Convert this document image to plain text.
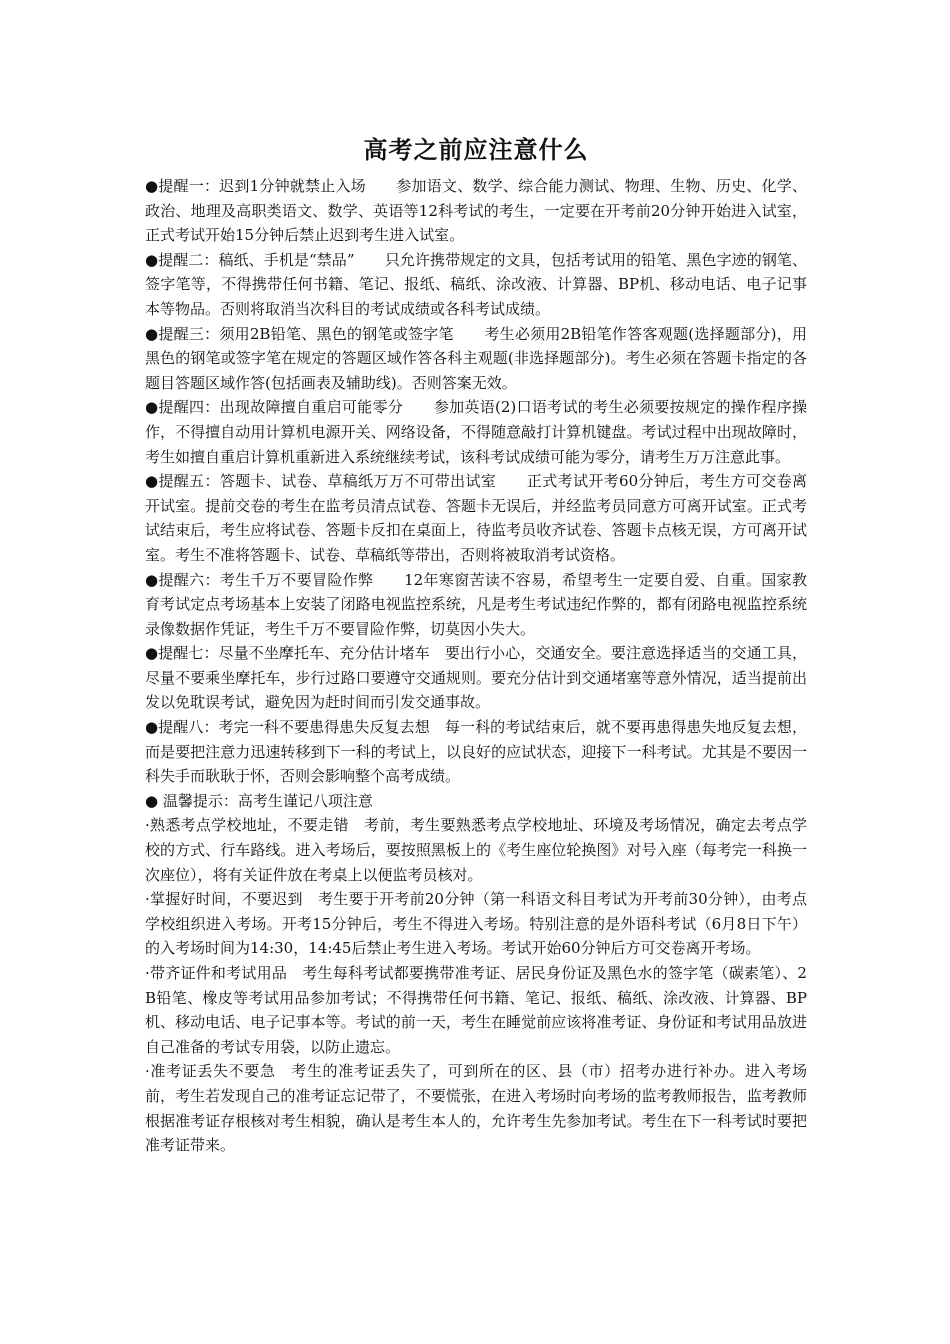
高考之前应注意什么

●提醒一：迟到1分钟就禁止入场　　参加语文、数学、综合能力测试、物理、生物、历史、化学、政治、地理及高职类语文、数学、英语等12科考试的考生，一定要在开考前20分钟开始进入试室，正式考试开始15分钟后禁止迟到考生进入试室。

●提醒二：稿纸、手机是“禁品”　　只允许携带规定的文具，包括考试用的铅笔、黑色字迹的钢笔、签字笔等，不得携带任何书籍、笔记、报纸、稿纸、涂改液、计算器、BP机、移动电话、电子记事本等物品。否则将取消当次科目的考试成绩或各科考试成绩。

●提醒三：须用2B铅笔、黑色的钢笔或签字笔　　考生必须用2B铅笔作答客观题(选择题部分)，用黑色的钢笔或签字笔在规定的答题区域作答各科主观题(非选择题部分)。考生必须在答题卡指定的各题目答题区域作答(包括画表及辅助线)。否则答案无效。

●提醒四：出现故障擅自重启可能零分　　参加英语(2)口语考试的考生必须要按规定的操作程序操作，不得擅自动用计算机电源开关、网络设备，不得随意敲打计算机键盘。考试过程中出现故障时，考生如擅自重启计算机重新进入系统继续考试，该科考试成绩可能为零分，请考生万万注意此事。

●提醒五：答题卡、试卷、草稿纸万万不可带出试室　　正式考试开考60分钟后，考生方可交卷离开试室。提前交卷的考生在监考员清点试卷、答题卡无误后，并经监考员同意方可离开试室。正式考试结束后，考生应将试卷、答题卡反扣在桌面上，待监考员收齐试卷、答题卡点核无误，方可离开试室。考生不准将答题卡、试卷、草稿纸等带出，否则将被取消考试资格。

●提醒六：考生千万不要冒险作弊　　12年寒窗苦读不容易，希望考生一定要自爱、自重。国家教育考试定点考场基本上安装了闭路电视监控系统，凡是考生考试违纪作弊的，都有闭路电视监控系统录像数据作凭证，考生千万不要冒险作弊，切莫因小失大。

●提醒七：尽量不坐摩托车、充分估计堵车　要出行小心，交通安全。要注意选择适当的交通工具，尽量不要乘坐摩托车，步行过路口要遵守交通规则。要充分估计到交通堵塞等意外情况，适当提前出发以免耽误考试，避免因为赶时间而引发交通事故。

●提醒八：考完一科不要患得患失反复去想　每一科的考试结束后，就不要再患得患失地反复去想，而是要把注意力迅速转移到下一科的考试上，以良好的应试状态，迎接下一科考试。尤其是不要因一科失手而耿耿于怀，否则会影响整个高考成绩。

● 温馨提示：高考生谨记八项注意

·熟悉考点学校地址，不要走错　考前，考生要熟悉考点学校地址、环境及考场情况，确定去考点学校的方式、行车路线。进入考场后，要按照黑板上的《考生座位轮换图》对号入座（每考完一科换一次座位），将有关证件放在考桌上以便监考员核对。

·掌握好时间，不要迟到　考生要于开考前20分钟（第一科语文科目考试为开考前30分钟），由考点学校组织进入考场。开考15分钟后，考生不得进入考场。特别注意的是外语科考试（6月8日下午）的入考场时间为14:30，14:45后禁止考生进入考场。考试开始60分钟后方可交卷离开考场。

·带齐证件和考试用品　考生每科考试都要携带准考证、居民身份证及黑色水的签字笔（碳素笔）、2B铅笔、橡皮等考试用品参加考试；不得携带任何书籍、笔记、报纸、稿纸、涂改液、计算器、BP机、移动电话、电子记事本等。考试的前一天，考生在睡觉前应该将准考证、身份证和考试用品放进自己准备的考试专用袋，以防止遗忘。

·准考证丢失不要急　考生的准考证丢失了，可到所在的区、县（市）招考办进行补办。进入考场前，考生若发现自己的准考证忘记带了，不要慌张，在进入考场时向考场的监考教师报告，监考教师根据准考证存根核对考生相貌，确认是考生本人的，允许考生先参加考试。考生在下一科考试时要把准考证带来。
